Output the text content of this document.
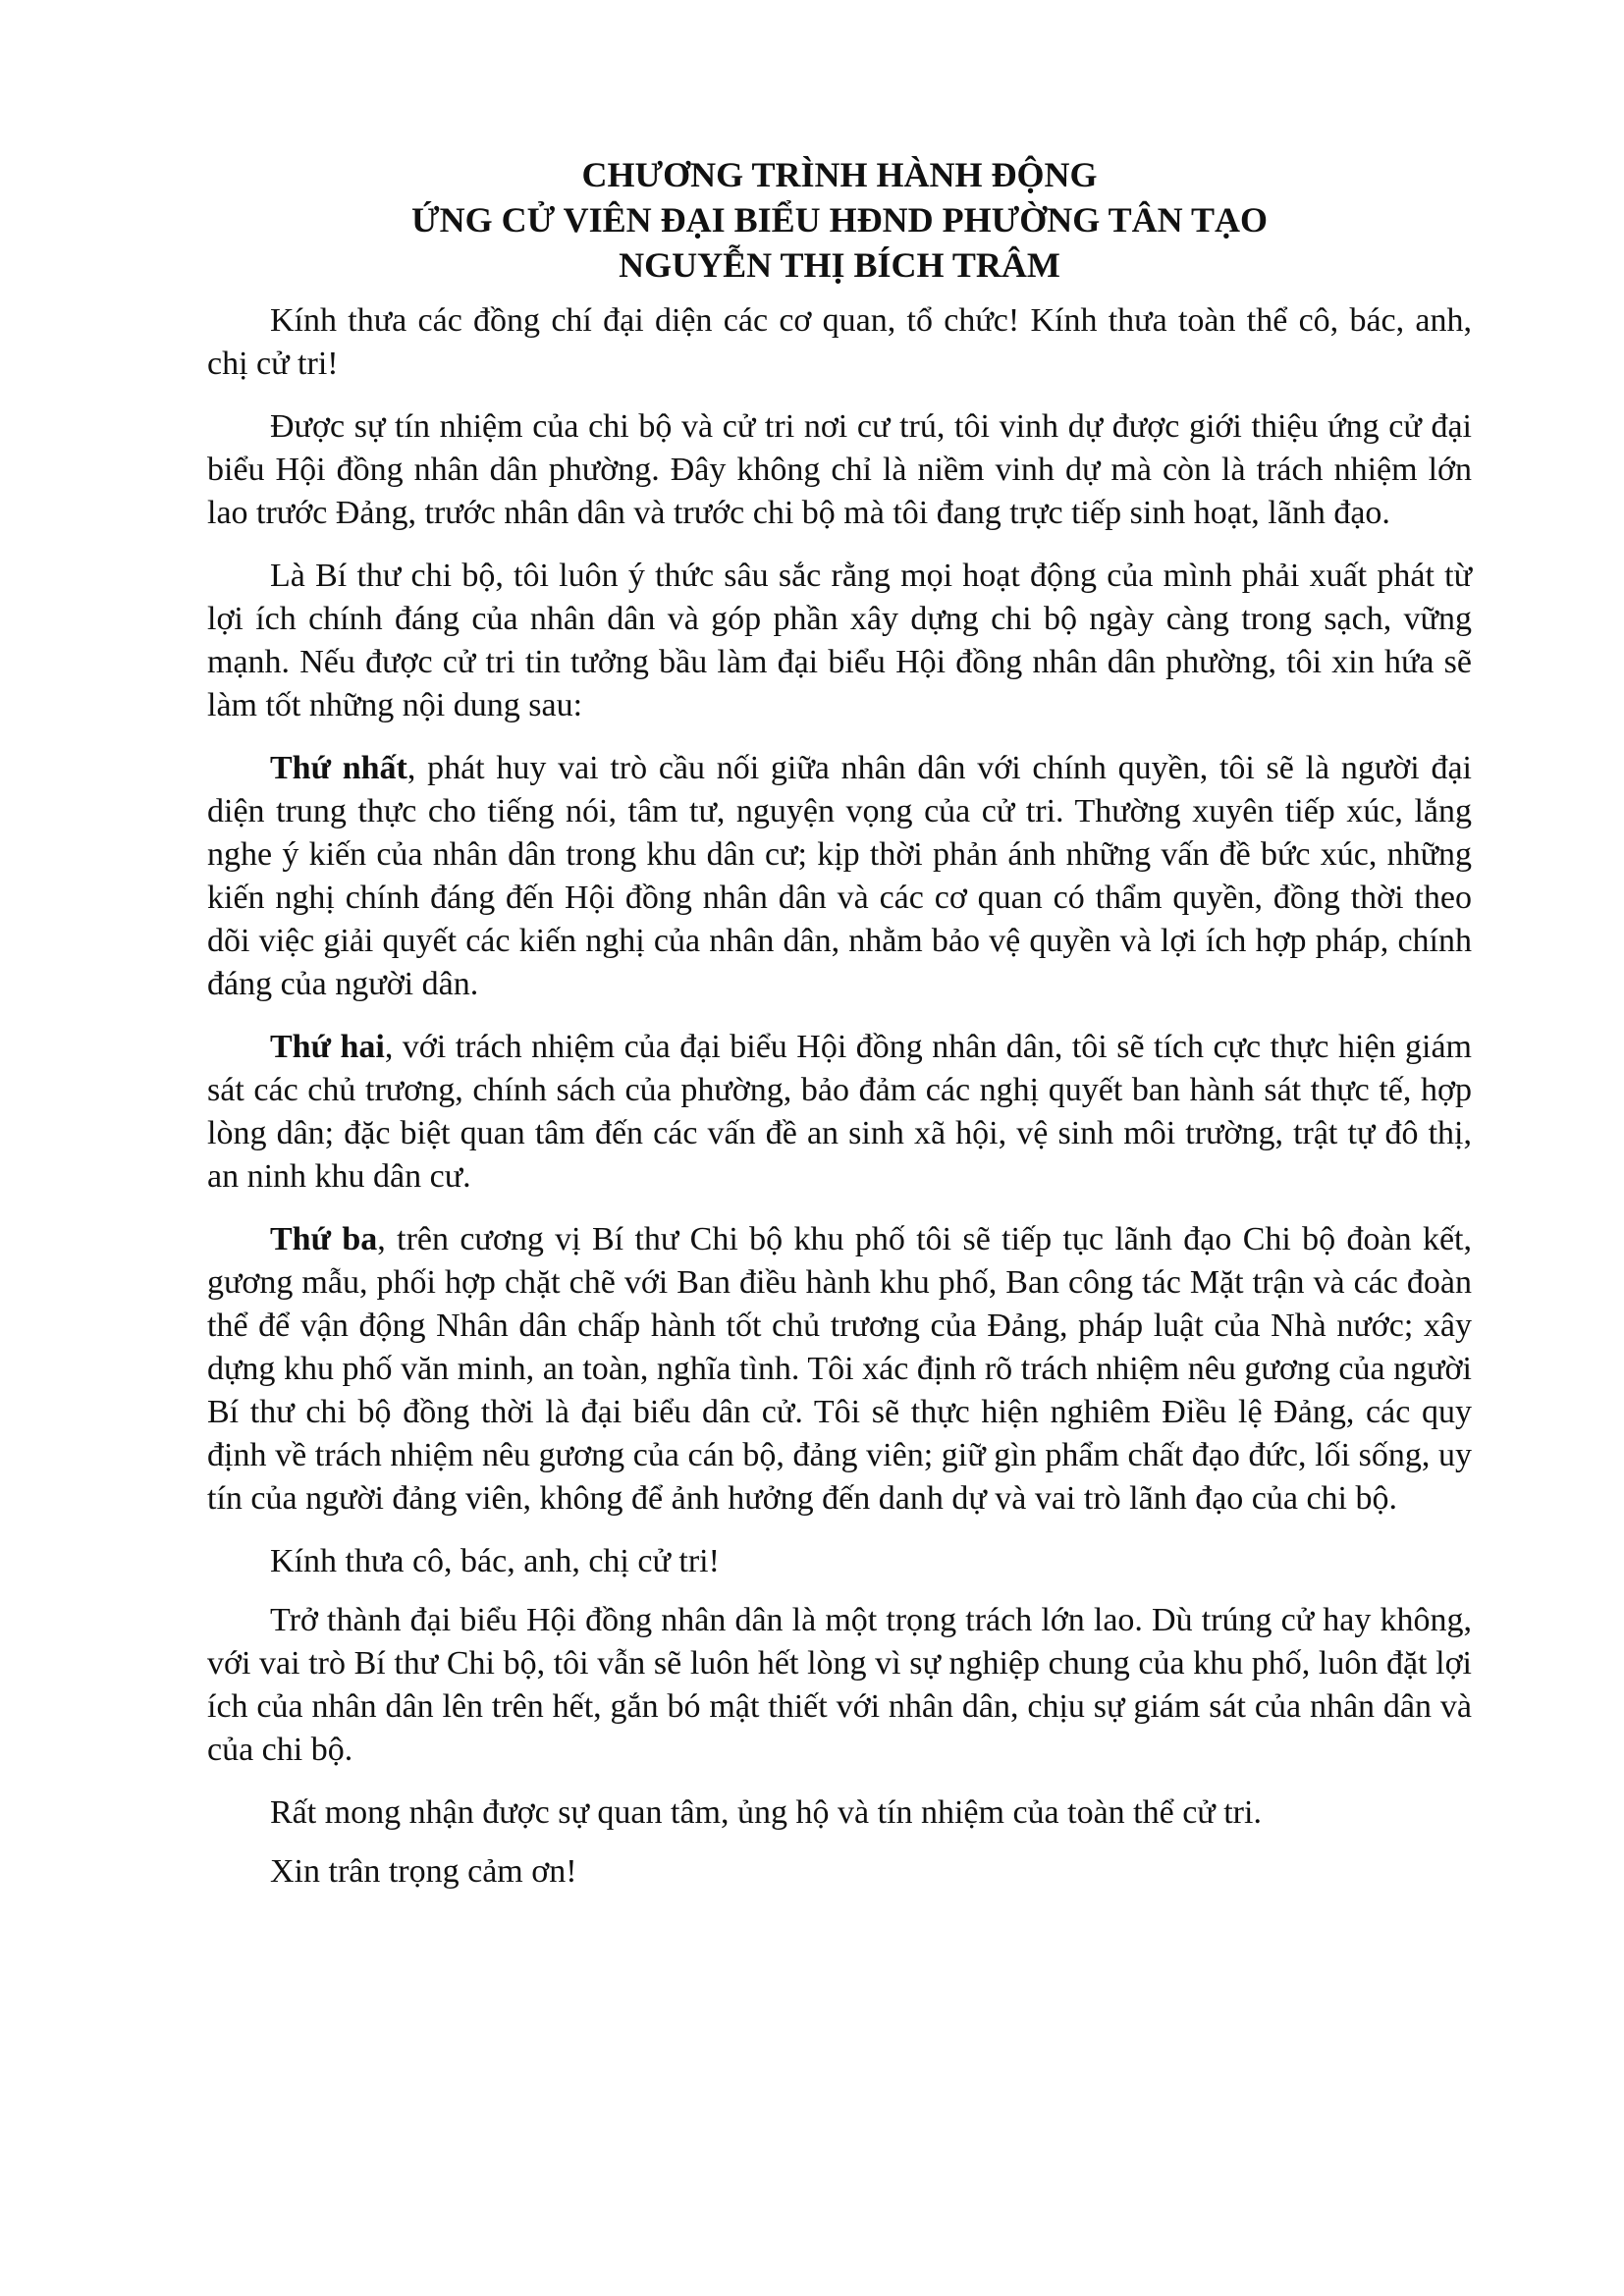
CHƯƠNG TRÌNH HÀNH ĐỘNG
ỨNG CỬ VIÊN ĐẠI BIỂU HĐND PHƯỜNG TÂN TẠO
NGUYỄN THỊ BÍCH TRÂM

Kính thưa các đồng chí đại diện các cơ quan, tổ chức! Kính thưa toàn thể cô, bác, anh, chị cử tri!

Được sự tín nhiệm của chi bộ và cử tri nơi cư trú, tôi vinh dự được giới thiệu ứng cử đại biểu Hội đồng nhân dân phường. Đây không chỉ là niềm vinh dự mà còn là trách nhiệm lớn lao trước Đảng, trước nhân dân và trước chi bộ mà tôi đang trực tiếp sinh hoạt, lãnh đạo.

Là Bí thư chi bộ, tôi luôn ý thức sâu sắc rằng mọi hoạt động của mình phải xuất phát từ lợi ích chính đáng của nhân dân và góp phần xây dựng chi bộ ngày càng trong sạch, vững mạnh. Nếu được cử tri tin tưởng bầu làm đại biểu Hội đồng nhân dân phường, tôi xin hứa sẽ làm tốt những nội dung sau:

Thứ nhất, phát huy vai trò cầu nối giữa nhân dân với chính quyền, tôi sẽ là người đại diện trung thực cho tiếng nói, tâm tư, nguyện vọng của cử tri. Thường xuyên tiếp xúc, lắng nghe ý kiến của nhân dân trong khu dân cư; kịp thời phản ánh những vấn đề bức xúc, những kiến nghị chính đáng đến Hội đồng nhân dân và các cơ quan có thẩm quyền, đồng thời theo dõi việc giải quyết các kiến nghị của nhân dân, nhằm bảo vệ quyền và lợi ích hợp pháp, chính đáng của người dân.

Thứ hai, với trách nhiệm của đại biểu Hội đồng nhân dân, tôi sẽ tích cực thực hiện giám sát các chủ trương, chính sách của phường, bảo đảm các nghị quyết ban hành sát thực tế, hợp lòng dân; đặc biệt quan tâm đến các vấn đề an sinh xã hội, vệ sinh môi trường, trật tự đô thị, an ninh khu dân cư.

Thứ ba, trên cương vị Bí thư Chi bộ khu phố tôi sẽ tiếp tục lãnh đạo Chi bộ đoàn kết, gương mẫu, phối hợp chặt chẽ với Ban điều hành khu phố, Ban công tác Mặt trận và các đoàn thể để vận động Nhân dân chấp hành tốt chủ trương của Đảng, pháp luật của Nhà nước; xây dựng khu phố văn minh, an toàn, nghĩa tình. Tôi xác định rõ trách nhiệm nêu gương của người Bí thư chi bộ đồng thời là đại biểu dân cử. Tôi sẽ thực hiện nghiêm Điều lệ Đảng, các quy định về trách nhiệm nêu gương của cán bộ, đảng viên; giữ gìn phẩm chất đạo đức, lối sống, uy tín của người đảng viên, không để ảnh hưởng đến danh dự và vai trò lãnh đạo của chi bộ.

Kính thưa cô, bác, anh, chị cử tri!

Trở thành đại biểu Hội đồng nhân dân là một trọng trách lớn lao. Dù trúng cử hay không, với vai trò Bí thư Chi bộ, tôi vẫn sẽ luôn hết lòng vì sự nghiệp chung của khu phố, luôn đặt lợi ích của nhân dân lên trên hết, gắn bó mật thiết với nhân dân, chịu sự giám sát của nhân dân và của chi bộ.

Rất mong nhận được sự quan tâm, ủng hộ và tín nhiệm của toàn thể cử tri.

Xin trân trọng cảm ơn!
